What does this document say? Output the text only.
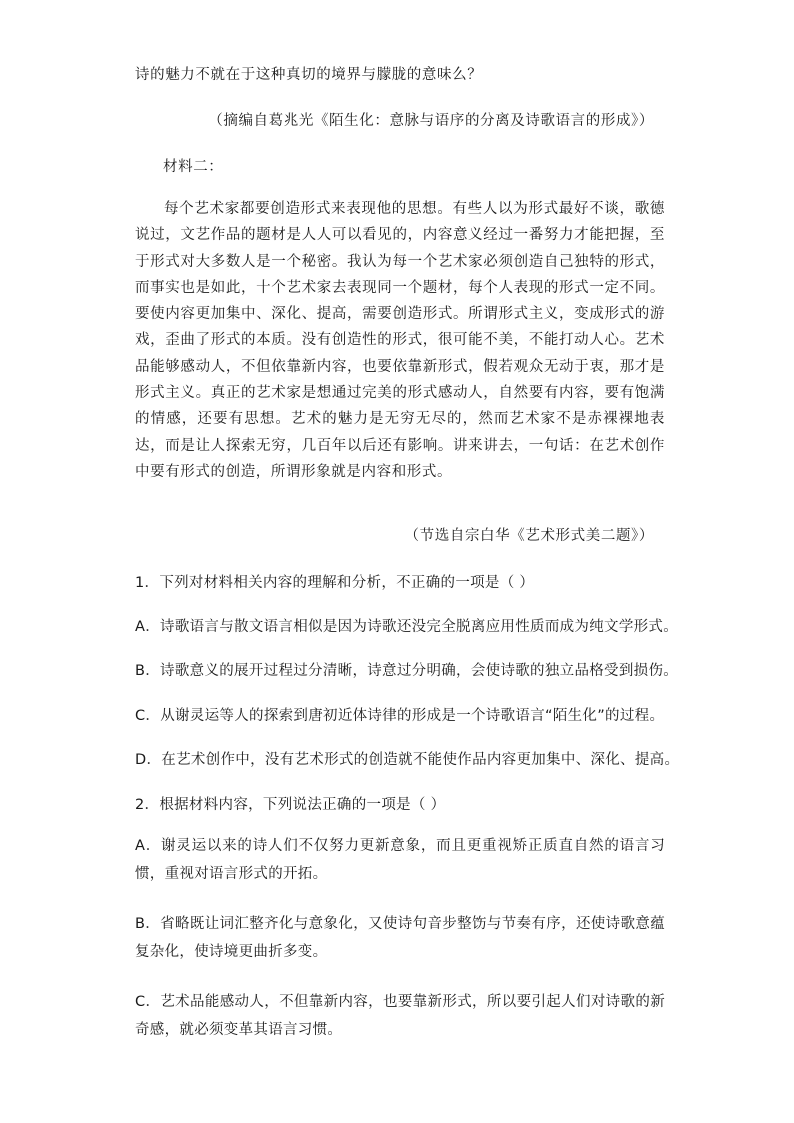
诗的魅力不就在于这种真切的境界与朦胧的意味么？
（摘编自葛兆光《陌生化：意脉与语序的分离及诗歌语言的形成》）
材料二：
每个艺术家都要创造形式来表现他的思想。有些人以为形式最好不谈，歌德说过，文艺作品的题材是人人可以看见的，内容意义经过一番努力才能把握，至于形式对大多数人是一个秘密。我认为每一个艺术家必须创造自己独特的形式，而事实也是如此，十个艺术家去表现同一个题材，每个人表现的形式一定不同。要使内容更加集中、深化、提高，需要创造形式。所谓形式主义，变成形式的游戏，歪曲了形式的本质。没有创造性的形式，很可能不美，不能打动人心。艺术品能够感动人，不但依靠新内容，也要依靠新形式，假若观众无动于衷，那才是形式主义。真正的艺术家是想通过完美的形式感动人，自然要有内容，要有饱满的情感，还要有思想。艺术的魅力是无穷无尽的，然而艺术家不是赤裸裸地表达，而是让人探索无穷，几百年以后还有影响。讲来讲去，一句话：在艺术创作中要有形式的创造，所谓形象就是内容和形式。
（节选自宗白华《艺术形式美二题》）
1．下列对材料相关内容的理解和分析，不正确的一项是（ ）
A．诗歌语言与散文语言相似是因为诗歌还没完全脱离应用性质而成为纯文学形式。
B．诗歌意义的展开过程过分清晰，诗意过分明确，会使诗歌的独立品格受到损伤。
C．从谢灵运等人的探索到唐初近体诗律的形成是一个诗歌语言“陌生化”的过程。
D．在艺术创作中，没有艺术形式的创造就不能使作品内容更加集中、深化、提高。
2．根据材料内容，下列说法正确的一项是（ ）
A．谢灵运以来的诗人们不仅努力更新意象，而且更重视矫正质直自然的语言习惯，重视对语言形式的开拓。
B．省略既让词汇整齐化与意象化，又使诗句音步整饬与节奏有序，还使诗歌意蕴复杂化，使诗境更曲折多变。
C．艺术品能感动人，不但靠新内容，也要靠新形式，所以要引起人们对诗歌的新奇感，就必须变革其语言习惯。
